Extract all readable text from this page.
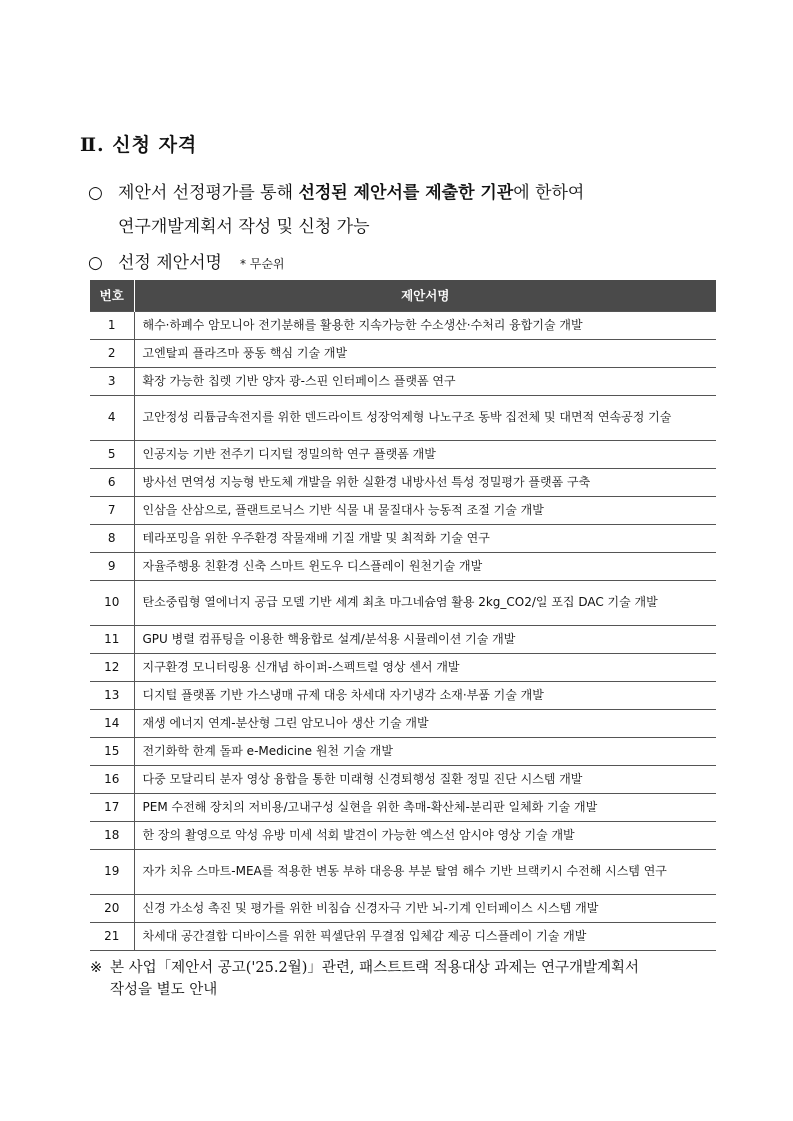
Ⅱ. 신청 자격
○ 제안서 선정평가를 통해 선정된 제안서를 제출한 기관에 한하여
연구개발계획서 작성 및 신청 가능
○ 선정 제안서명 * 무순위
번호	제안서명
1	해수·하폐수 암모니아 전기분해를 활용한 지속가능한 수소생산·수처리 융합기술 개발
2	고엔탈피 플라즈마 풍동 핵심 기술 개발
3	확장 가능한 칩렛 기반 양자 광-스핀 인터페이스 플랫폼 연구
4	고안정성 리튬금속전지를 위한 덴드라이트 성장억제형 나노구조 동박 집전체 및 대면적 연속공정 기술
5	인공지능 기반 전주기 디지털 정밀의학 연구 플랫폼 개발
6	방사선 면역성 지능형 반도체 개발을 위한 실환경 내방사선 특성 정밀평가 플랫폼 구축
7	인삼을 산삼으로, 플랜트로닉스 기반 식물 내 물질대사 능동적 조절 기술 개발
8	테라포밍을 위한 우주환경 작물재배 기질 개발 및 최적화 기술 연구
9	자율주행용 친환경 신축 스마트 윈도우 디스플레이 원천기술 개발
10	탄소중립형 열에너지 공급 모델 기반 세계 최초 마그네슘염 활용 2kg_CO2/일 포집 DAC 기술 개발
11	GPU 병렬 컴퓨팅을 이용한 핵융합로 설계/분석용 시뮬레이션 기술 개발
12	지구환경 모니터링용 신개념 하이퍼-스펙트럴 영상 센서 개발
13	디지털 플랫폼 기반 가스냉매 규제 대응 차세대 자기냉각 소재·부품 기술 개발
14	재생 에너지 연계-분산형 그린 암모니아 생산 기술 개발
15	전기화학 한계 돌파 e-Medicine 원천 기술 개발
16	다중 모달리티 분자 영상 융합을 통한 미래형 신경퇴행성 질환 정밀 진단 시스템 개발
17	PEM 수전해 장치의 저비용/고내구성 실현을 위한 촉매-확산체-분리판 일체화 기술 개발
18	한 장의 촬영으로 악성 유방 미세 석회 발견이 가능한 엑스선 암시야 영상 기술 개발
19	자가 치유 스마트-MEA를 적용한 변동 부하 대응용 부분 탈염 해수 기반 브랙키시 수전해 시스템 연구
20	신경 가소성 촉진 및 평가를 위한 비침습 신경자극 기반 뇌-기계 인터페이스 시스템 개발
21	차세대 공간결합 디바이스를 위한 픽셀단위 무결점 입체감 제공 디스플레이 기술 개발
※ 본 사업「제안서 공고('25.2월)」관련, 패스트트랙 적용대상 과제는 연구개발계획서
작성을 별도 안내
